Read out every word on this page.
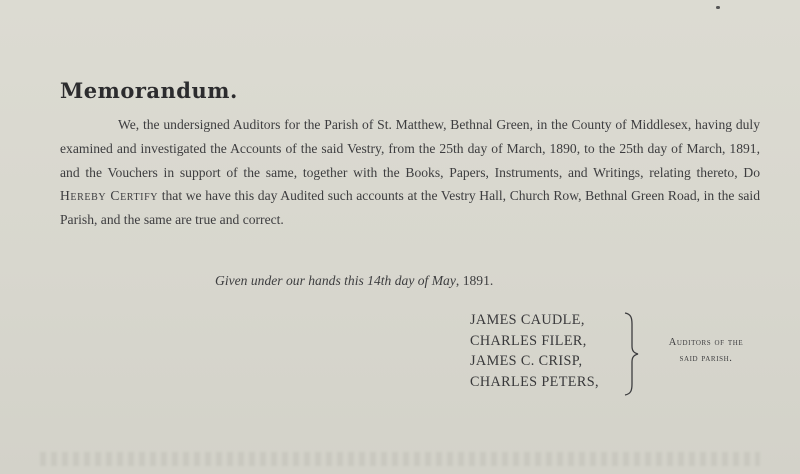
Memorandum.

We, the undersigned Auditors for the Parish of St. Matthew, Bethnal Green, in the County of Middlesex, having duly examined and investigated the Accounts of the said Vestry, from the 25th day of March, 1890, to the 25th day of March, 1891, and the Vouchers in support of the same, together with the Books, Papers, Instruments, and Writings, relating thereto, Do Hereby Certify that we have this day Audited such accounts at the Vestry Hall, Church Row, Bethnal Green Road, in the said Parish, and the same are true and correct.

Given under our hands this 14th day of May, 1891.

JAMES CAUDLE,
CHARLES FILER,
JAMES C. CRISP,
CHARLES PETERS,

Auditors of the
said parish.
